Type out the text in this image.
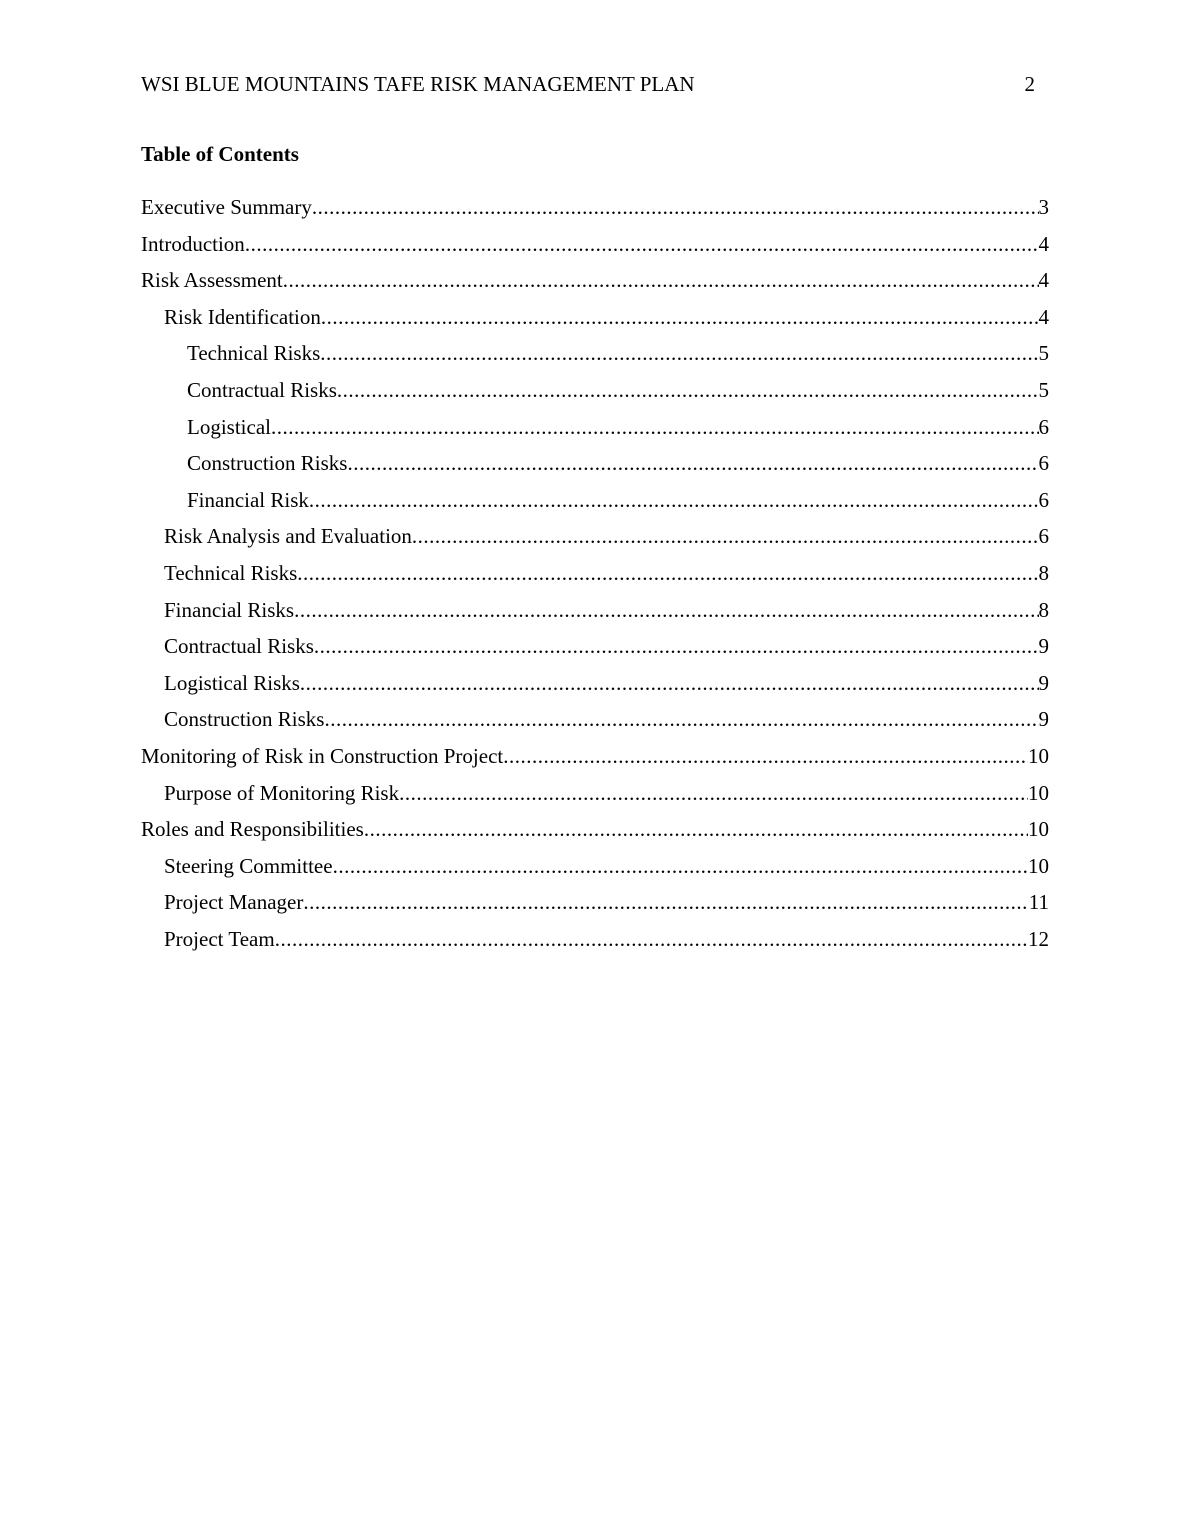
WSI BLUE MOUNTAINS TAFE RISK MANAGEMENT PLAN	2
Table of Contents
Executive Summary .....	3
Introduction .....	4
Risk Assessment .....	4
Risk Identification .....	4
Technical Risks .....	5
Contractual Risks .....	5
Logistical .....	6
Construction Risks .....	6
Financial Risk .....	6
Risk Analysis and Evaluation .....	6
Technical Risks .....	8
Financial Risks .....	8
Contractual Risks .....	9
Logistical Risks .....	9
Construction Risks .....	9
Monitoring of Risk in Construction Project .....	10
Purpose of Monitoring Risk .....	10
Roles and Responsibilities .....	10
Steering Committee .....	10
Project Manager .....	11
Project Team .....	12
